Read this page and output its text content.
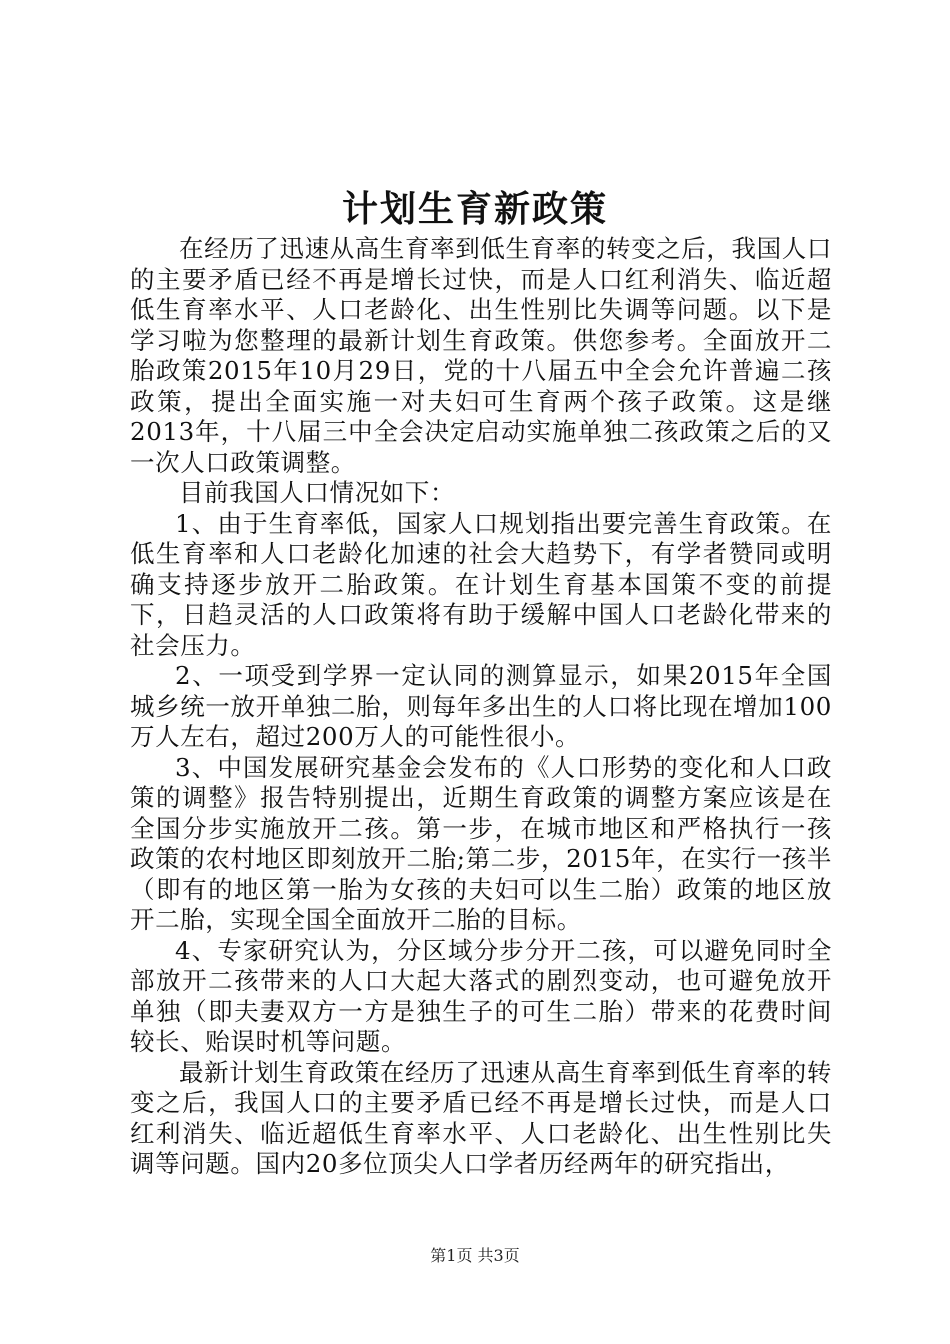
计划生育新政策

在经历了迅速从高生育率到低生育率的转变之后，我国人口的主要矛盾已经不再是增长过快，而是人口红利消失、临近超低生育率水平、人口老龄化、出生性别比失调等问题。以下是学习啦为您整理的最新计划生育政策。供您参考。全面放开二胎政策2015年10月29日，党的十八届五中全会允许普遍二孩政策，提出全面实施一对夫妇可生育两个孩子政策。这是继2013年，十八届三中全会决定启动实施单独二孩政策之后的又一次人口政策调整。

目前我国人口情况如下：

1、由于生育率低，国家人口规划指出要完善生育政策。在低生育率和人口老龄化加速的社会大趋势下，有学者赞同或明确支持逐步放开二胎政策。在计划生育基本国策不变的前提下，日趋灵活的人口政策将有助于缓解中国人口老龄化带来的社会压力。

2、一项受到学界一定认同的测算显示，如果2015年全国城乡统一放开单独二胎，则每年多出生的人口将比现在增加100万人左右，超过200万人的可能性很小。

3、中国发展研究基金会发布的《人口形势的变化和人口政策的调整》报告特别提出，近期生育政策的调整方案应该是在全国分步实施放开二孩。第一步，在城市地区和严格执行一孩政策的农村地区即刻放开二胎;第二步，2015年，在实行一孩半（即有的地区第一胎为女孩的夫妇可以生二胎）政策的地区放开二胎，实现全国全面放开二胎的目标。

4、专家研究认为，分区域分步分开二孩，可以避免同时全部放开二孩带来的人口大起大落式的剧烈变动，也可避免放开单独（即夫妻双方一方是独生子的可生二胎）带来的花费时间较长、贻误时机等问题。

最新计划生育政策在经历了迅速从高生育率到低生育率的转变之后，我国人口的主要矛盾已经不再是增长过快，而是人口红利消失、临近超低生育率水平、人口老龄化、出生性别比失调等问题。国内20多位顶尖人口学者历经两年的研究指出，

第1页 共3页
